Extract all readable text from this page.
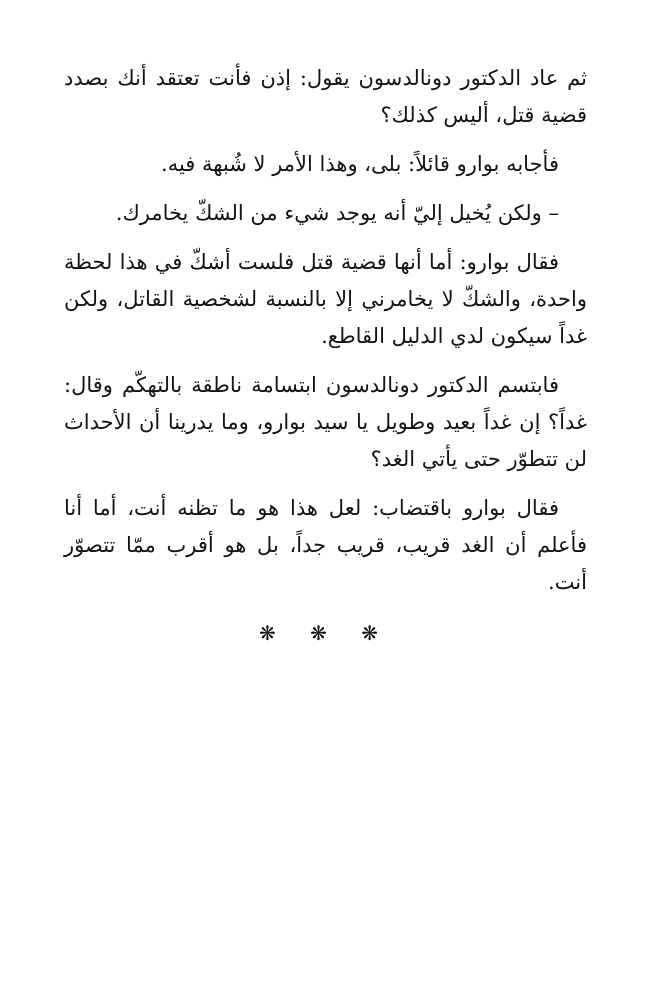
ثم عاد الدكتور دونالدسون يقول: إذن فأنت تعتقد أنك بصدد قضية قتل، أليس كذلك؟

فأجابه بوارو قائلاً: بلى، وهذا الأمر لا شُبهة فيه.

– ولكن يُخيل إليّ أنه يوجد شيء من الشكّ يخامرك.

فقال بوارو: أما أنها قضية قتل فلست أشكّ في هذا لحظة واحدة، والشكّ لا يخامرني إلا بالنسبة لشخصية القاتل، ولكن غداً سيكون لدي الدليل القاطع.

فابتسم الدكتور دونالدسون ابتسامة ناطقة بالتهكّم وقال: غداً؟ إن غداً بعيد وطويل يا سيد بوارو، وما يدرينا أن الأحداث لن تتطوّر حتى يأتي الغد؟

فقال بوارو باقتضاب: لعل هذا هو ما تظنه أنت، أما أنا فأعلم أن الغد قريب، قريب جداً، بل هو أقرب ممّا تتصوّر أنت.

❋ ❋ ❋
